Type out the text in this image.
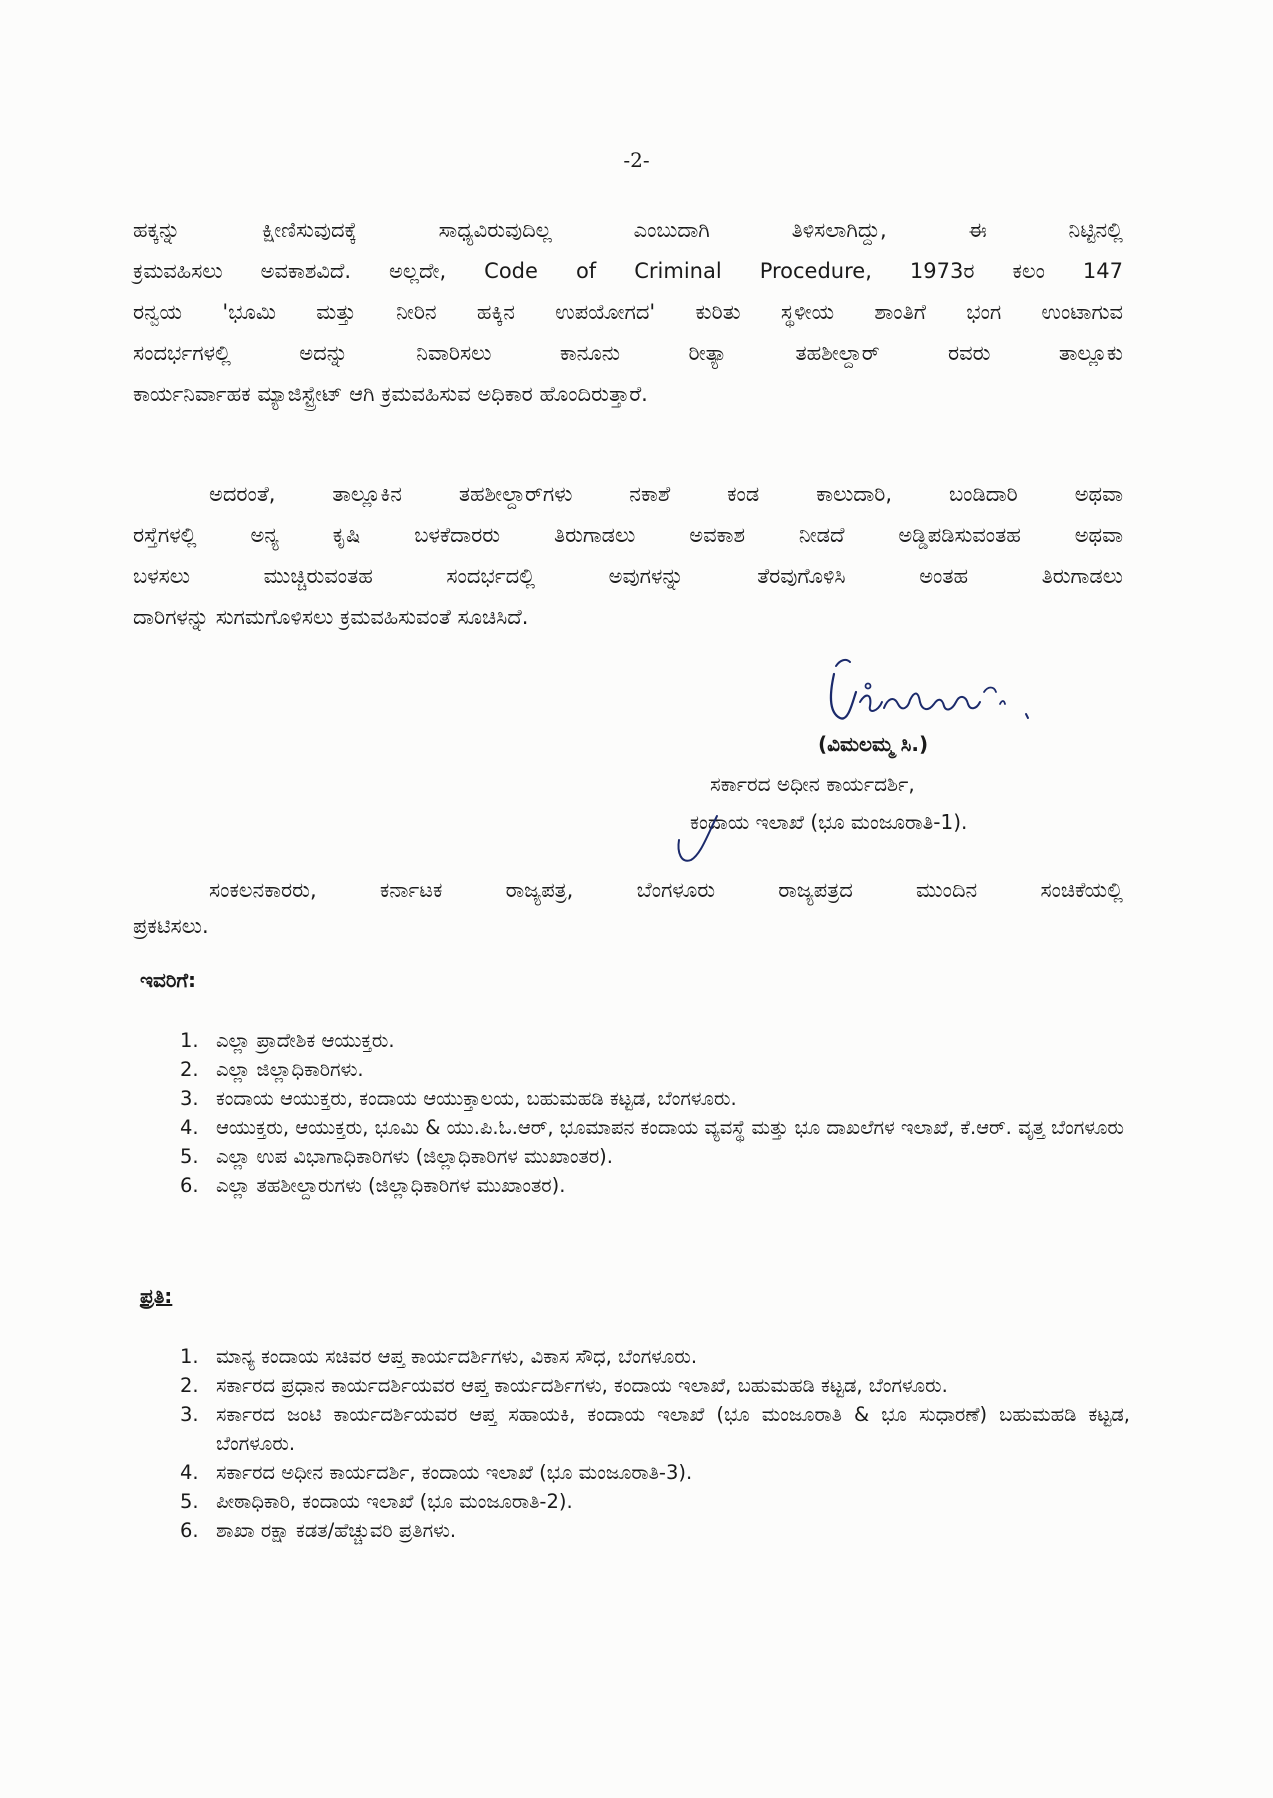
-2-
ಹಕ್ಕನ್ನು ಕ್ಷೀಣಿಸುವುದಕ್ಕೆ ಸಾಧ್ಯವಿರುವುದಿಲ್ಲ ಎಂಬುದಾಗಿ ತಿಳಿಸಲಾಗಿದ್ದು, ಈ ನಿಟ್ಟಿನಲ್ಲಿ
ಕ್ರಮವಹಿಸಲು ಅವಕಾಶವಿದೆ. ಅಲ್ಲದೇ, Code of Criminal Procedure, 1973ರ ಕಲಂ 147
ರನ್ವಯ 'ಭೂಮಿ ಮತ್ತು ನೀರಿನ ಹಕ್ಕಿನ ಉಪಯೋಗದ' ಕುರಿತು ಸ್ಥಳೀಯ ಶಾಂತಿಗೆ ಭಂಗ ಉಂಟಾಗುವ
ಸಂದರ್ಭಗಳಲ್ಲಿ ಅದನ್ನು ನಿವಾರಿಸಲು ಕಾನೂನು ರೀತ್ಯಾ ತಹಶೀಲ್ದಾರ್ ರವರು ತಾಲ್ಲೂಕು
ಕಾರ್ಯನಿರ್ವಾಹಕ ಮ್ಯಾಜಿಸ್ಟ್ರೇಟ್ ಆಗಿ ಕ್ರಮವಹಿಸುವ ಅಧಿಕಾರ ಹೊಂದಿರುತ್ತಾರೆ.
ಅದರಂತೆ, ತಾಲ್ಲೂಕಿನ ತಹಶೀಲ್ದಾರ್‌ಗಳು ನಕಾಶೆ ಕಂಡ ಕಾಲುದಾರಿ, ಬಂಡಿದಾರಿ ಅಥವಾ
ರಸ್ತೆಗಳಲ್ಲಿ ಅನ್ಯ ಕೃಷಿ ಬಳಕೆದಾರರು ತಿರುಗಾಡಲು ಅವಕಾಶ ನೀಡದೆ ಅಡ್ಡಿಪಡಿಸುವಂತಹ ಅಥವಾ
ಬಳಸಲು ಮುಚ್ಚಿರುವಂತಹ ಸಂದರ್ಭದಲ್ಲಿ ಅವುಗಳನ್ನು ತೆರವುಗೊಳಿಸಿ ಅಂತಹ ತಿರುಗಾಡಲು
ದಾರಿಗಳನ್ನು ಸುಗಮಗೊಳಿಸಲು ಕ್ರಮವಹಿಸುವಂತೆ ಸೂಚಿಸಿದೆ.
(ವಿಮಲಮ್ಮ ಸಿ.)
ಸರ್ಕಾರದ ಅಧೀನ ಕಾರ್ಯದರ್ಶಿ,
ಕಂದಾಯ ಇಲಾಖೆ (ಭೂ ಮಂಜೂರಾತಿ-1).
ಸಂಕಲನಕಾರರು, ಕರ್ನಾಟಕ ರಾಜ್ಯಪತ್ರ, ಬೆಂಗಳೂರು ರಾಜ್ಯಪತ್ರದ ಮುಂದಿನ ಸಂಚಿಕೆಯಲ್ಲಿ
ಪ್ರಕಟಿಸಲು.
ಇವರಿಗೆ:
1. ಎಲ್ಲಾ ಪ್ರಾದೇಶಿಕ ಆಯುಕ್ತರು.
2. ಎಲ್ಲಾ ಜಿಲ್ಲಾಧಿಕಾರಿಗಳು.
3. ಕಂದಾಯ ಆಯುಕ್ತರು, ಕಂದಾಯ ಆಯುಕ್ತಾಲಯ, ಬಹುಮಹಡಿ ಕಟ್ಟಡ, ಬೆಂಗಳೂರು.
4. ಆಯುಕ್ತರು, ಆಯುಕ್ತರು, ಭೂಮಿ & ಯು.ಪಿ.ಓ.ಆರ್, ಭೂಮಾಪನ ಕಂದಾಯ ವ್ಯವಸ್ಥೆ ಮತ್ತು ಭೂ ದಾಖಲೆಗಳ ಇಲಾಖೆ, ಕೆ.ಆರ್. ವೃತ್ತ ಬೆಂಗಳೂರು
5. ಎಲ್ಲಾ ಉಪ ವಿಭಾಗಾಧಿಕಾರಿಗಳು (ಜಿಲ್ಲಾಧಿಕಾರಿಗಳ ಮುಖಾಂತರ).
6. ಎಲ್ಲಾ ತಹಶೀಲ್ದಾರುಗಳು (ಜಿಲ್ಲಾಧಿಕಾರಿಗಳ ಮುಖಾಂತರ).
ಪ್ರತಿ:
1. ಮಾನ್ಯ ಕಂದಾಯ ಸಚಿವರ ಆಪ್ತ ಕಾರ್ಯದರ್ಶಿಗಳು, ವಿಕಾಸ ಸೌಧ, ಬೆಂಗಳೂರು.
2. ಸರ್ಕಾರದ ಪ್ರಧಾನ ಕಾರ್ಯದರ್ಶಿಯವರ ಆಪ್ತ ಕಾರ್ಯದರ್ಶಿಗಳು, ಕಂದಾಯ ಇಲಾಖೆ, ಬಹುಮಹಡಿ ಕಟ್ಟಡ, ಬೆಂಗಳೂರು.
3. ಸರ್ಕಾರದ ಜಂಟಿ ಕಾರ್ಯದರ್ಶಿಯವರ ಆಪ್ತ ಸಹಾಯಕಿ, ಕಂದಾಯ ಇಲಾಖೆ (ಭೂ ಮಂಜೂರಾತಿ & ಭೂ ಸುಧಾರಣೆ) ಬಹುಮಹಡಿ ಕಟ್ಟಡ, ಬೆಂಗಳೂರು.
4. ಸರ್ಕಾರದ ಅಧೀನ ಕಾರ್ಯದರ್ಶಿ, ಕಂದಾಯ ಇಲಾಖೆ (ಭೂ ಮಂಜೂರಾತಿ-3).
5. ಪೀಠಾಧಿಕಾರಿ, ಕಂದಾಯ ಇಲಾಖೆ (ಭೂ ಮಂಜೂರಾತಿ-2).
6. ಶಾಖಾ ರಕ್ಷಾ ಕಡತ/ಹೆಚ್ಚುವರಿ ಪ್ರತಿಗಳು.
